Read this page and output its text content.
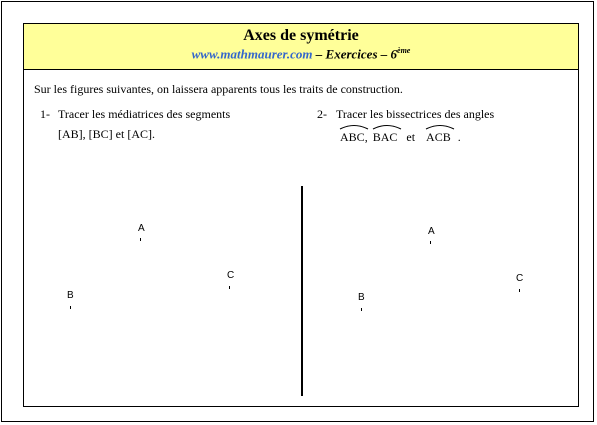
Axes de symétrie
www.mathmaurer.com – Exercices – 6ème
Sur les figures suivantes, on laissera apparents tous les traits de construction.
1- Tracer les médiatrices des segments
[AB], [BC] et [AC].
2- Tracer les bissectrices des angles
ABC, BAC et ACB .
A
B
C
A
B
C
